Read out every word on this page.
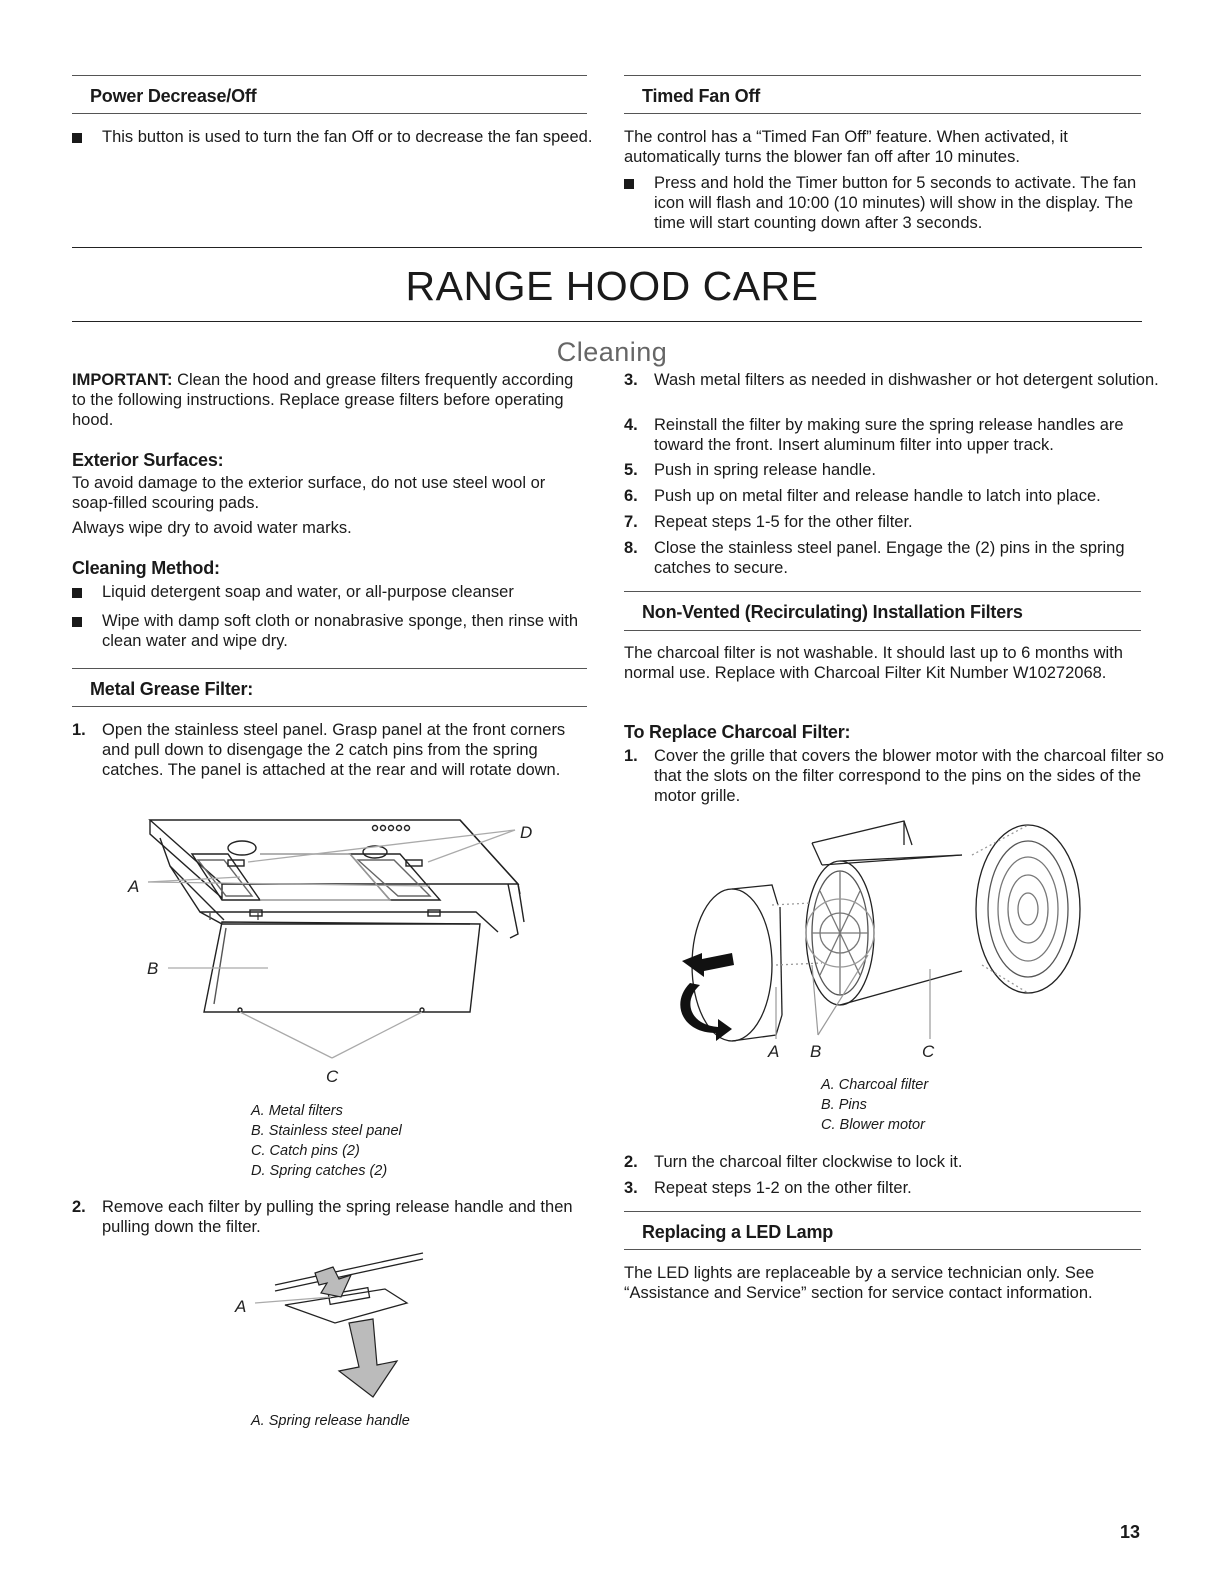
Power Decrease/Off
This button is used to turn the fan Off or to decrease the fan speed.
Timed Fan Off
The control has a “Timed Fan Off” feature. When activated, it automatically turns the blower fan off after 10 minutes.
Press and hold the Timer button for 5 seconds to activate. The fan icon will flash and 10:00 (10 minutes) will show in the display. The time will start counting down after 3 seconds.
RANGE HOOD CARE
Cleaning
IMPORTANT: Clean the hood and grease filters frequently according to the following instructions. Replace grease filters before operating hood.
Exterior Surfaces:
To avoid damage to the exterior surface, do not use steel wool or soap-filled scouring pads.
Always wipe dry to avoid water marks.
Cleaning Method:
Liquid detergent soap and water, or all-purpose cleanser
Wipe with damp soft cloth or nonabrasive sponge, then rinse with clean water and wipe dry.
Metal Grease Filter:
1. Open the stainless steel panel. Grasp panel at the front corners and pull down to disengage the 2 catch pins from the spring catches. The panel is attached at the rear and will rotate down.
A
B
C
D
A. Metal filters
B. Stainless steel panel
C. Catch pins (2)
D. Spring catches (2)
2. Remove each filter by pulling the spring release handle and then pulling down the filter.
A
A. Spring release handle
3. Wash metal filters as needed in dishwasher or hot detergent solution.
4. Reinstall the filter by making sure the spring release handles are toward the front. Insert aluminum filter into upper track.
5. Push in spring release handle.
6. Push up on metal filter and release handle to latch into place.
7. Repeat steps 1-5 for the other filter.
8. Close the stainless steel panel. Engage the (2) pins in the spring catches to secure.
Non-Vented (Recirculating) Installation Filters
The charcoal filter is not washable. It should last up to 6 months with normal use. Replace with Charcoal Filter Kit Number W10272068.
To Replace Charcoal Filter:
1. Cover the grille that covers the blower motor with the charcoal filter so that the slots on the filter correspond to the pins on the sides of the motor grille.
A B	C
A. Charcoal filter
B. Pins
C. Blower motor
2. Turn the charcoal filter clockwise to lock it.
3. Repeat steps 1-2 on the other filter.
Replacing a LED Lamp
The LED lights are replaceable by a service technician only. See “Assistance and Service” section for service contact information.
13
